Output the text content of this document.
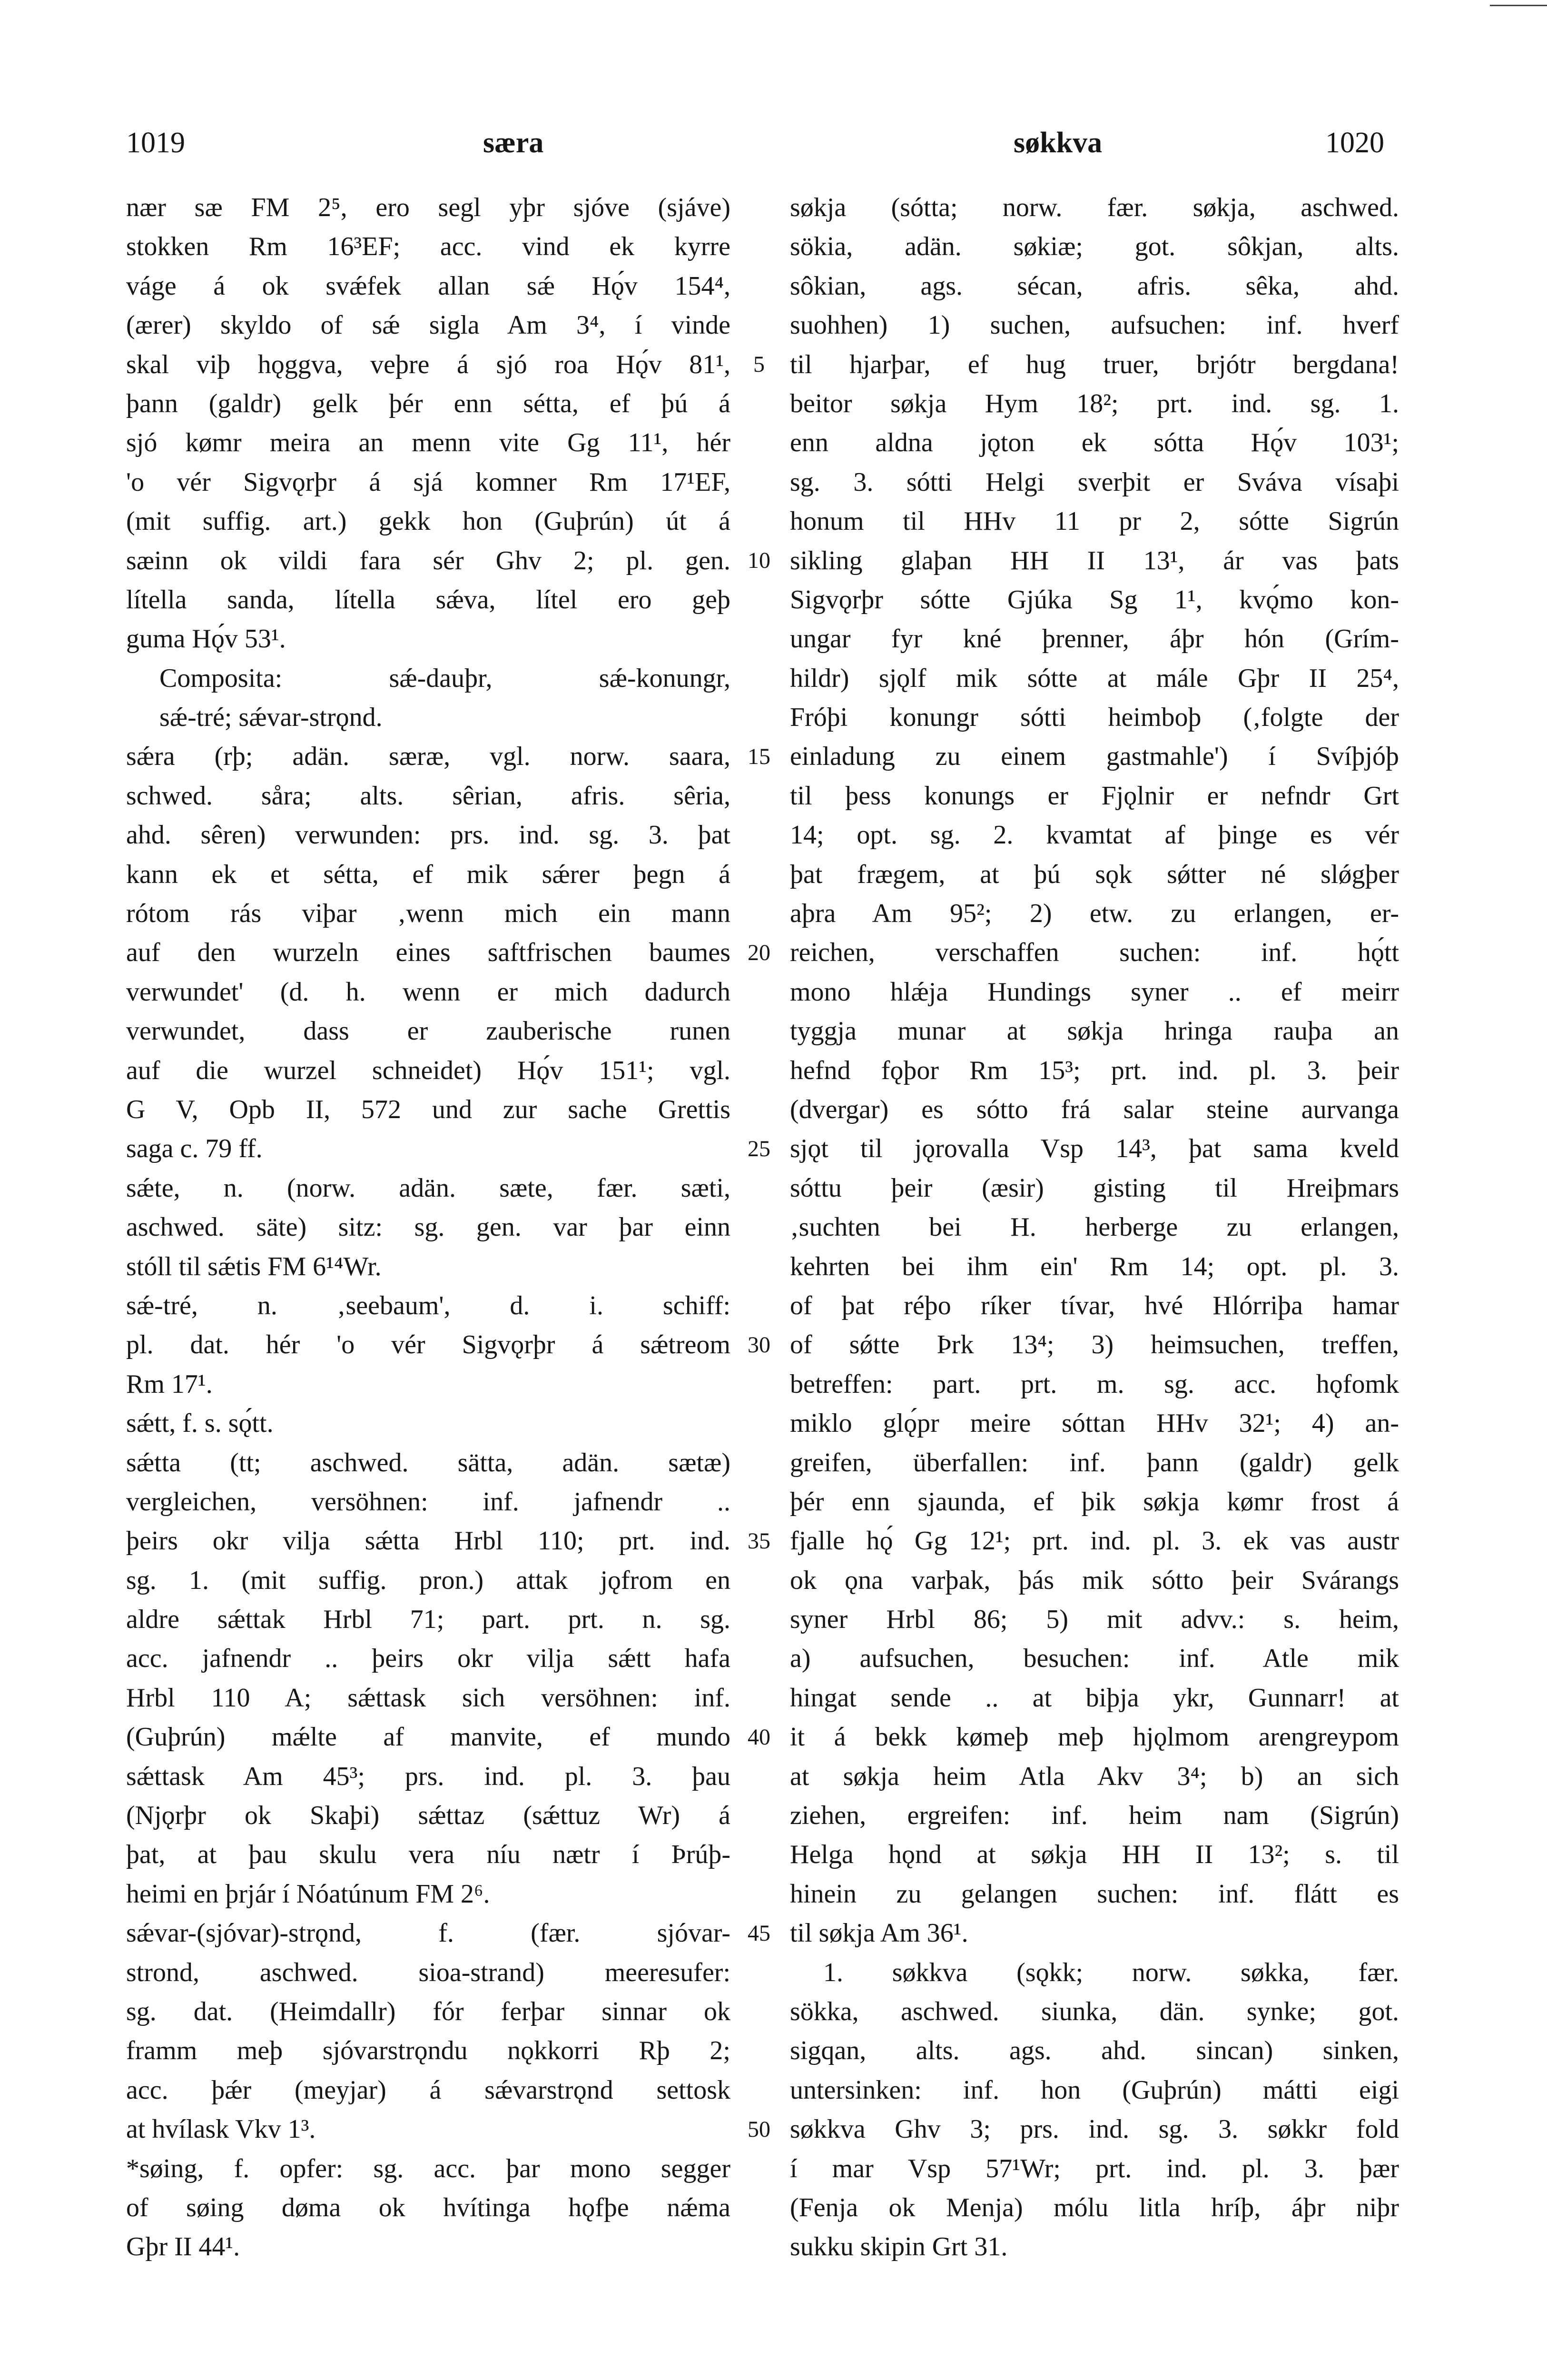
1019	særa	søkkva	1020
nær sæ FM 2⁵, ero segl yþr sjóve (sjáve)
stokken Rm 16³EF; acc. vind ek kyrre
váge á ok svǽfek allan sǽ Hǫ́v 154⁴,
(ærer) skyldo of sǽ sigla Am 3⁴, í vinde
skal viþ hǫggva, veþre á sjó roa Hǫ́v 81¹,
þann (galdr) gelk þér enn sétta, ef þú á
sjó kømr meira an menn vite Gg 11¹, hér
'o vér Sigvǫrþr á sjá komner Rm 17¹EF,
(mit suffig. art.) gekk hon (Guþrún) út á
sæinn ok vildi fara sér Ghv 2; pl. gen.
lítella sanda, lítella sǽva, lítel ero geþ
guma Hǫ́v 53¹.
Composita: sǽ-dauþr, sǽ-konungr,
sǽ-tré; sǽvar-strǫnd.
sǽra (rþ; adän. særæ, vgl. norw. saara,
schwed. såra; alts. sêrian, afris. sêria,
ahd. sêren) verwunden: prs. ind. sg. 3. þat
kann ek et sétta, ef mik sǽrer þegn á
rótom rás viþar ‚wenn mich ein mann
auf den wurzeln eines saftfrischen baumes
verwundet' (d. h. wenn er mich dadurch
verwundet, dass er zauberische runen
auf die wurzel schneidet) Hǫ́v 151¹; vgl.
G V, Opb II, 572 und zur sache Grettis
saga c. 79 ff.
sǽte, n. (norw. adän. sæte, fær. sæti,
aschwed. säte) sitz: sg. gen. var þar einn
stóll til sǽtis FM 6¹⁴Wr.
sǽ-tré, n. ‚seebaum', d. i. schiff:
pl. dat. hér 'o vér Sigvǫrþr á sǽtreom
Rm 17¹.
sǽtt, f. s. sǫ́tt.
sǽtta (tt; aschwed. sätta, adän. sætæ)
vergleichen, versöhnen: inf. jafnendr ..
þeirs okr vilja sǽtta Hrbl 110; prt. ind.
sg. 1. (mit suffig. pron.) attak jǫfrom en
aldre sǽttak Hrbl 71; part. prt. n. sg.
acc. jafnendr .. þeirs okr vilja sǽtt hafa
Hrbl 110 A; sǽttask sich versöhnen: inf.
(Guþrún) mǽlte af manvite, ef mundo
sǽttask Am 45³; prs. ind. pl. 3. þau
(Njǫrþr ok Skaþi) sǽttaz (sǽttuz Wr) á
þat, at þau skulu vera níu nætr í Þrúþ-
heimi en þrjár í Nóatúnum FM 2⁶.
sǽvar-(sjóvar)-strǫnd, f. (fær. sjóvar-
strond, aschwed. sioa-strand) meeresufer:
sg. dat. (Heimdallr) fór ferþar sinnar ok
framm meþ sjóvarstrǫndu nǫkkorri Rþ 2;
acc. þǽr (meyjar) á sǽvarstrǫnd settosk
at hvílask Vkv 1³.
*søing, f. opfer: sg. acc. þar mono segger
of søing døma ok hvítinga hǫfþe nǽma
Gþr II 44¹.
5
10
15
20
25
30
35
40
45
50
søkja (sótta; norw. fær. søkja, aschwed.
sökia, adän. søkiæ; got. sôkjan, alts.
sôkian, ags. sécan, afris. sêka, ahd.
suohhen) 1) suchen, aufsuchen: inf. hverf
til hjarþar, ef hug truer, brjótr bergdana!
beitor søkja Hym 18²; prt. ind. sg. 1.
enn aldna jǫton ek sótta Hǫ́v 103¹;
sg. 3. sótti Helgi sverþit er Sváva vísaþi
honum til HHv 11 pr 2, sótte Sigrún
sikling glaþan HH II 13¹, ár vas þats
Sigvǫrþr sótte Gjúka Sg 1¹, kvǫ́mo kon-
ungar fyr kné þrenner, áþr hón (Grím-
hildr) sjǫlf mik sótte at mále Gþr II 25⁴,
Fróþi konungr sótti heimboþ (‚folgte der
einladung zu einem gastmahle') í Svíþjóþ
til þess konungs er Fjǫlnir er nefndr Grt
14; opt. sg. 2. kvamtat af þinge es vér
þat frægem, at þú sǫk sǿtter né slǿgþer
aþra Am 95²; 2) etw. zu erlangen, er-
reichen, verschaffen suchen: inf. hǫ́tt
mono hlǽja Hundings syner .. ef meirr
tyggja munar at søkja hringa rauþa an
hefnd fǫþor Rm 15³; prt. ind. pl. 3. þeir
(dvergar) es sótto frá salar steine aurvanga
sjǫt til jǫrovalla Vsp 14³, þat sama kveld
sóttu þeir (æsir) gisting til Hreiþmars
‚suchten bei H. herberge zu erlangen,
kehrten bei ihm ein' Rm 14; opt. pl. 3.
of þat réþo ríker tívar, hvé Hlórriþa hamar
of sǿtte Þrk 13⁴; 3) heimsuchen, treffen,
betreffen: part. prt. m. sg. acc. hǫfomk
miklo glǫ́pr meire sóttan HHv 32¹; 4) an-
greifen, überfallen: inf. þann (galdr) gelk
þér enn sjaunda, ef þik søkja kømr frost á
fjalle hǫ́ Gg 12¹; prt. ind. pl. 3. ek vas austr
ok ǫna varþak, þás mik sótto þeir Svárangs
syner Hrbl 86; 5) mit advv.: s. heim,
a) aufsuchen, besuchen: inf. Atle mik
hingat sende .. at biþja ykr, Gunnarr! at
it á bekk kømeþ meþ hjǫlmom arengreypom
at søkja heim Atla Akv 3⁴; b) an sich
ziehen, ergreifen: inf. heim nam (Sigrún)
Helga hǫnd at søkja HH II 13²; s. til
hinein zu gelangen suchen: inf. flátt es
til søkja Am 36¹.
1. søkkva (sǫkk; norw. søkka, fær.
sökka, aschwed. siunka, dän. synke; got.
sigqan, alts. ags. ahd. sincan) sinken,
untersinken: inf. hon (Guþrún) mátti eigi
søkkva Ghv 3; prs. ind. sg. 3. søkkr fold
í mar Vsp 57¹Wr; prt. ind. pl. 3. þær
(Fenja ok Menja) mólu litla hríþ, áþr niþr
sukku skipin Grt 31.
